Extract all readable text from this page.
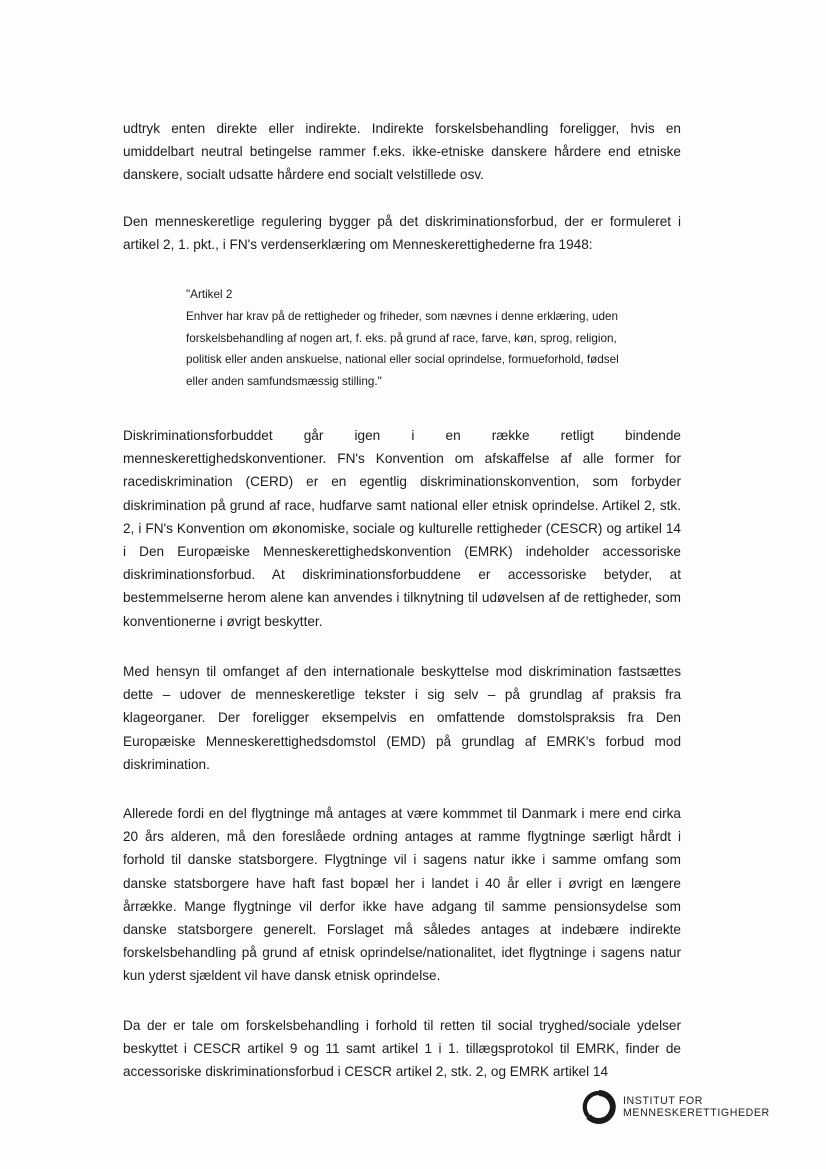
udtryk enten direkte eller indirekte. Indirekte forskelsbehandling foreligger, hvis en umiddelbart neutral betingelse rammer f.eks. ikke-etniske danskere hårdere end etniske danskere, socialt udsatte hårdere end socialt velstillede osv.

Den menneskeretlige regulering bygger på det diskriminationsforbud, der er formuleret i artikel 2, 1. pkt., i FN's verdenserklæring om Menneskerettighederne fra 1948:

"Artikel 2
Enhver har krav på de rettigheder og friheder, som nævnes i denne erklæring, uden
forskelsbehandling af nogen art, f. eks. på grund af race, farve, køn, sprog, religion,
politisk eller anden anskuelse, national eller social oprindelse, formueforhold, fødsel
eller anden samfundsmæssig stilling."

Diskriminationsforbuddet går igen i en række retligt bindende menneskerettighedskonventioner. FN's Konvention om afskaffelse af alle former for racediskrimination (CERD) er en egentlig diskriminationskonvention, som forbyder diskrimination på grund af race, hudfarve samt national eller etnisk oprindelse. Artikel 2, stk. 2, i FN's Konvention om økonomiske, sociale og kulturelle rettigheder (CESCR) og artikel 14 i Den Europæiske Menneskerettighedskonvention (EMRK) indeholder accessoriske diskriminationsforbud. At diskriminationsforbuddene er accessoriske betyder, at bestemmelserne herom alene kan anvendes i tilknytning til udøvelsen af de rettigheder, som konventionerne i øvrigt beskytter.

Med hensyn til omfanget af den internationale beskyttelse mod diskrimination fastsættes dette – udover de menneskeretlige tekster i sig selv – på grundlag af praksis fra klageorganer. Der foreligger eksempelvis en omfattende domstolspraksis fra Den Europæiske Menneskerettighedsdomstol (EMD) på grundlag af EMRK's forbud mod diskrimination.

Allerede fordi en del flygtninge må antages at være kommmet til Danmark i mere end cirka 20 års alderen, må den foreslåede ordning antages at ramme flygtninge særligt hårdt i forhold til danske statsborgere. Flygtninge vil i sagens natur ikke i samme omfang som danske statsborgere have haft fast bopæl her i landet i 40 år eller i øvrigt en længere årrække. Mange flygtninge vil derfor ikke have adgang til samme pensionsydelse som danske statsborgere generelt. Forslaget må således antages at indebære indirekte forskelsbehandling på grund af etnisk oprindelse/nationalitet, idet flygtninge i sagens natur kun yderst sjældent vil have dansk etnisk oprindelse.

Da der er tale om forskelsbehandling i forhold til retten til social tryghed/sociale ydelser beskyttet i CESCR artikel 9 og 11 samt artikel 1 i 1. tillægsprotokol til EMRK, finder de accessoriske diskriminationsforbud i CESCR artikel 2, stk. 2, og EMRK artikel 14

INSTITUT FOR
MENNESKERETTIGHEDER
